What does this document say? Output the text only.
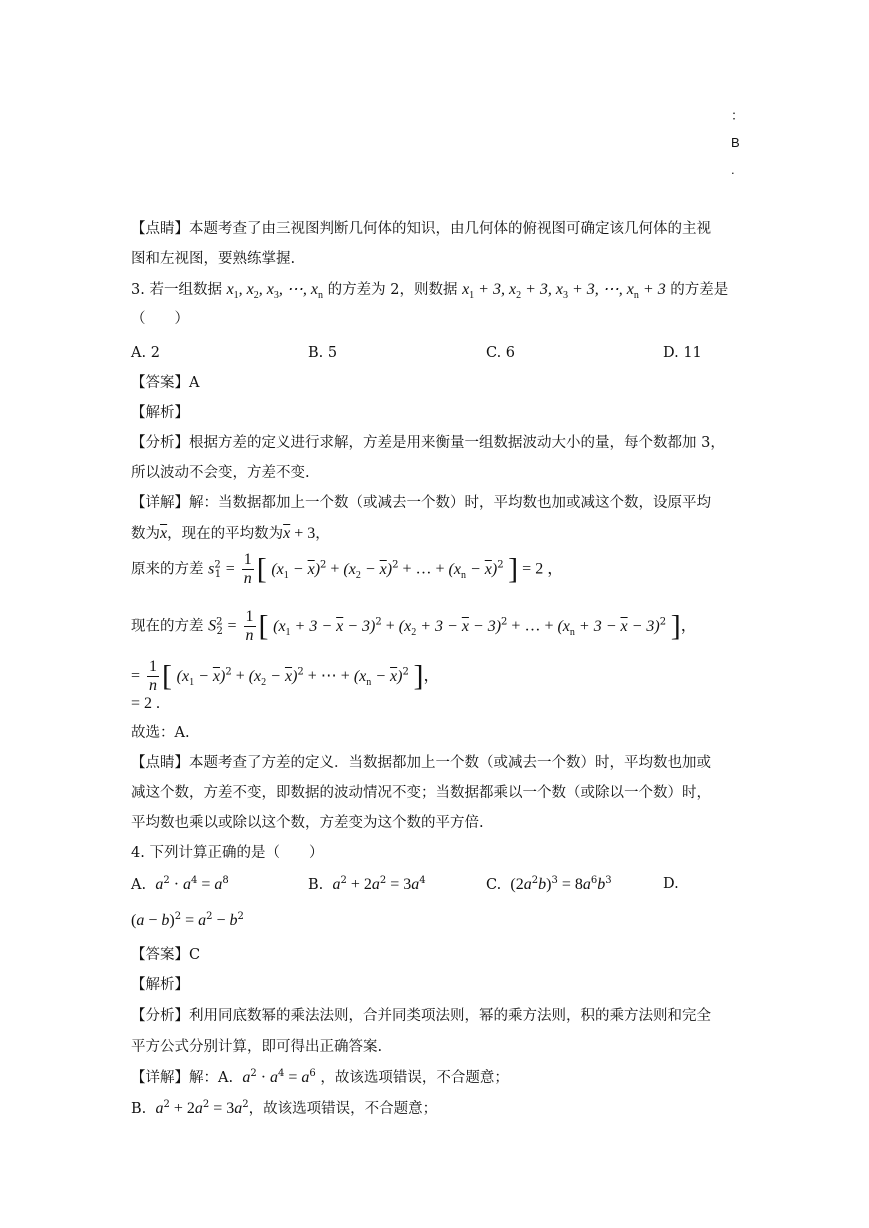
：
B
.
【点睛】本题考查了由三视图判断几何体的知识，由几何体的俯视图可确定该几何体的主视
图和左视图，要熟练掌握.
3. 若一组数据 $x_1$, $x_2$, $x_3$, ⋯, $x_n$ 的方差为 2，则数据 $x_1 + 3$, $x_2 + 3$, $x_3 + 3$, ⋯, $x_n + 3$ 的方差是
（　　）
A. 2	B. 5	C. 6	D. 11
【答案】A
【解析】
【分析】根据方差的定义进行求解，方差是用来衡量一组数据波动大小的量，每个数都加 3，
所以波动不会变，方差不变.
【详解】解：当数据都加上一个数（或减去一个数）时，平均数也加或减这个数，设原平均
数为$\overline{x}$，现在的平均数为$\overline{x} + 3$，
原来的方差 $s^2_1 = \frac{1}{n}$ [ $(x_1 - \overline{x})^2 + (x_2 - \overline{x})^2$ + … + $(x_n - \overline{x})^2$ ] = 2 ，
现在的方差 $S^2_2 = \frac{1}{n}$ [ $(x_1 + 3 - \overline{x} - 3)^2 + (x_2 + 3 - \overline{x} - 3)^2$ + … + $(x_n + 3 - \overline{x} - 3)^2$ ]，
= $\frac{1}{n}$ [ $(x_1 - \overline{x})^2 + (x_2 - \overline{x})^2$ + ⋯ + $(x_n - \overline{x})^2$ ]，
= 2 .
故选：A.
【点睛】本题考查了方差的定义．当数据都加上一个数（或减去一个数）时，平均数也加或
减这个数，方差不变，即数据的波动情况不变；当数据都乘以一个数（或除以一个数）时，
平均数也乘以或除以这个数，方差变为这个数的平方倍.
4. 下列计算正确的是（　　）
A. $a^2 \cdot a^4 = a^8$	B. $a^2 + 2a^2 = 3a^4$	C. $(2a^2b)^3 = 8a^6b^3$	D.
$(a - b)^2 = a^2 - b^2$
【答案】C
【解析】
【分析】利用同底数幂的乘法法则，合并同类项法则，幂的乘方法则，积的乘方法则和完全
平方公式分别计算，即可得出正确答案.
【详解】解：A. $a^2 \cdot a^4 = a^6$ ，故该选项错误，不合题意；
B. $a^2 + 2a^2 = 3a^2$，故该选项错误，不合题意；
